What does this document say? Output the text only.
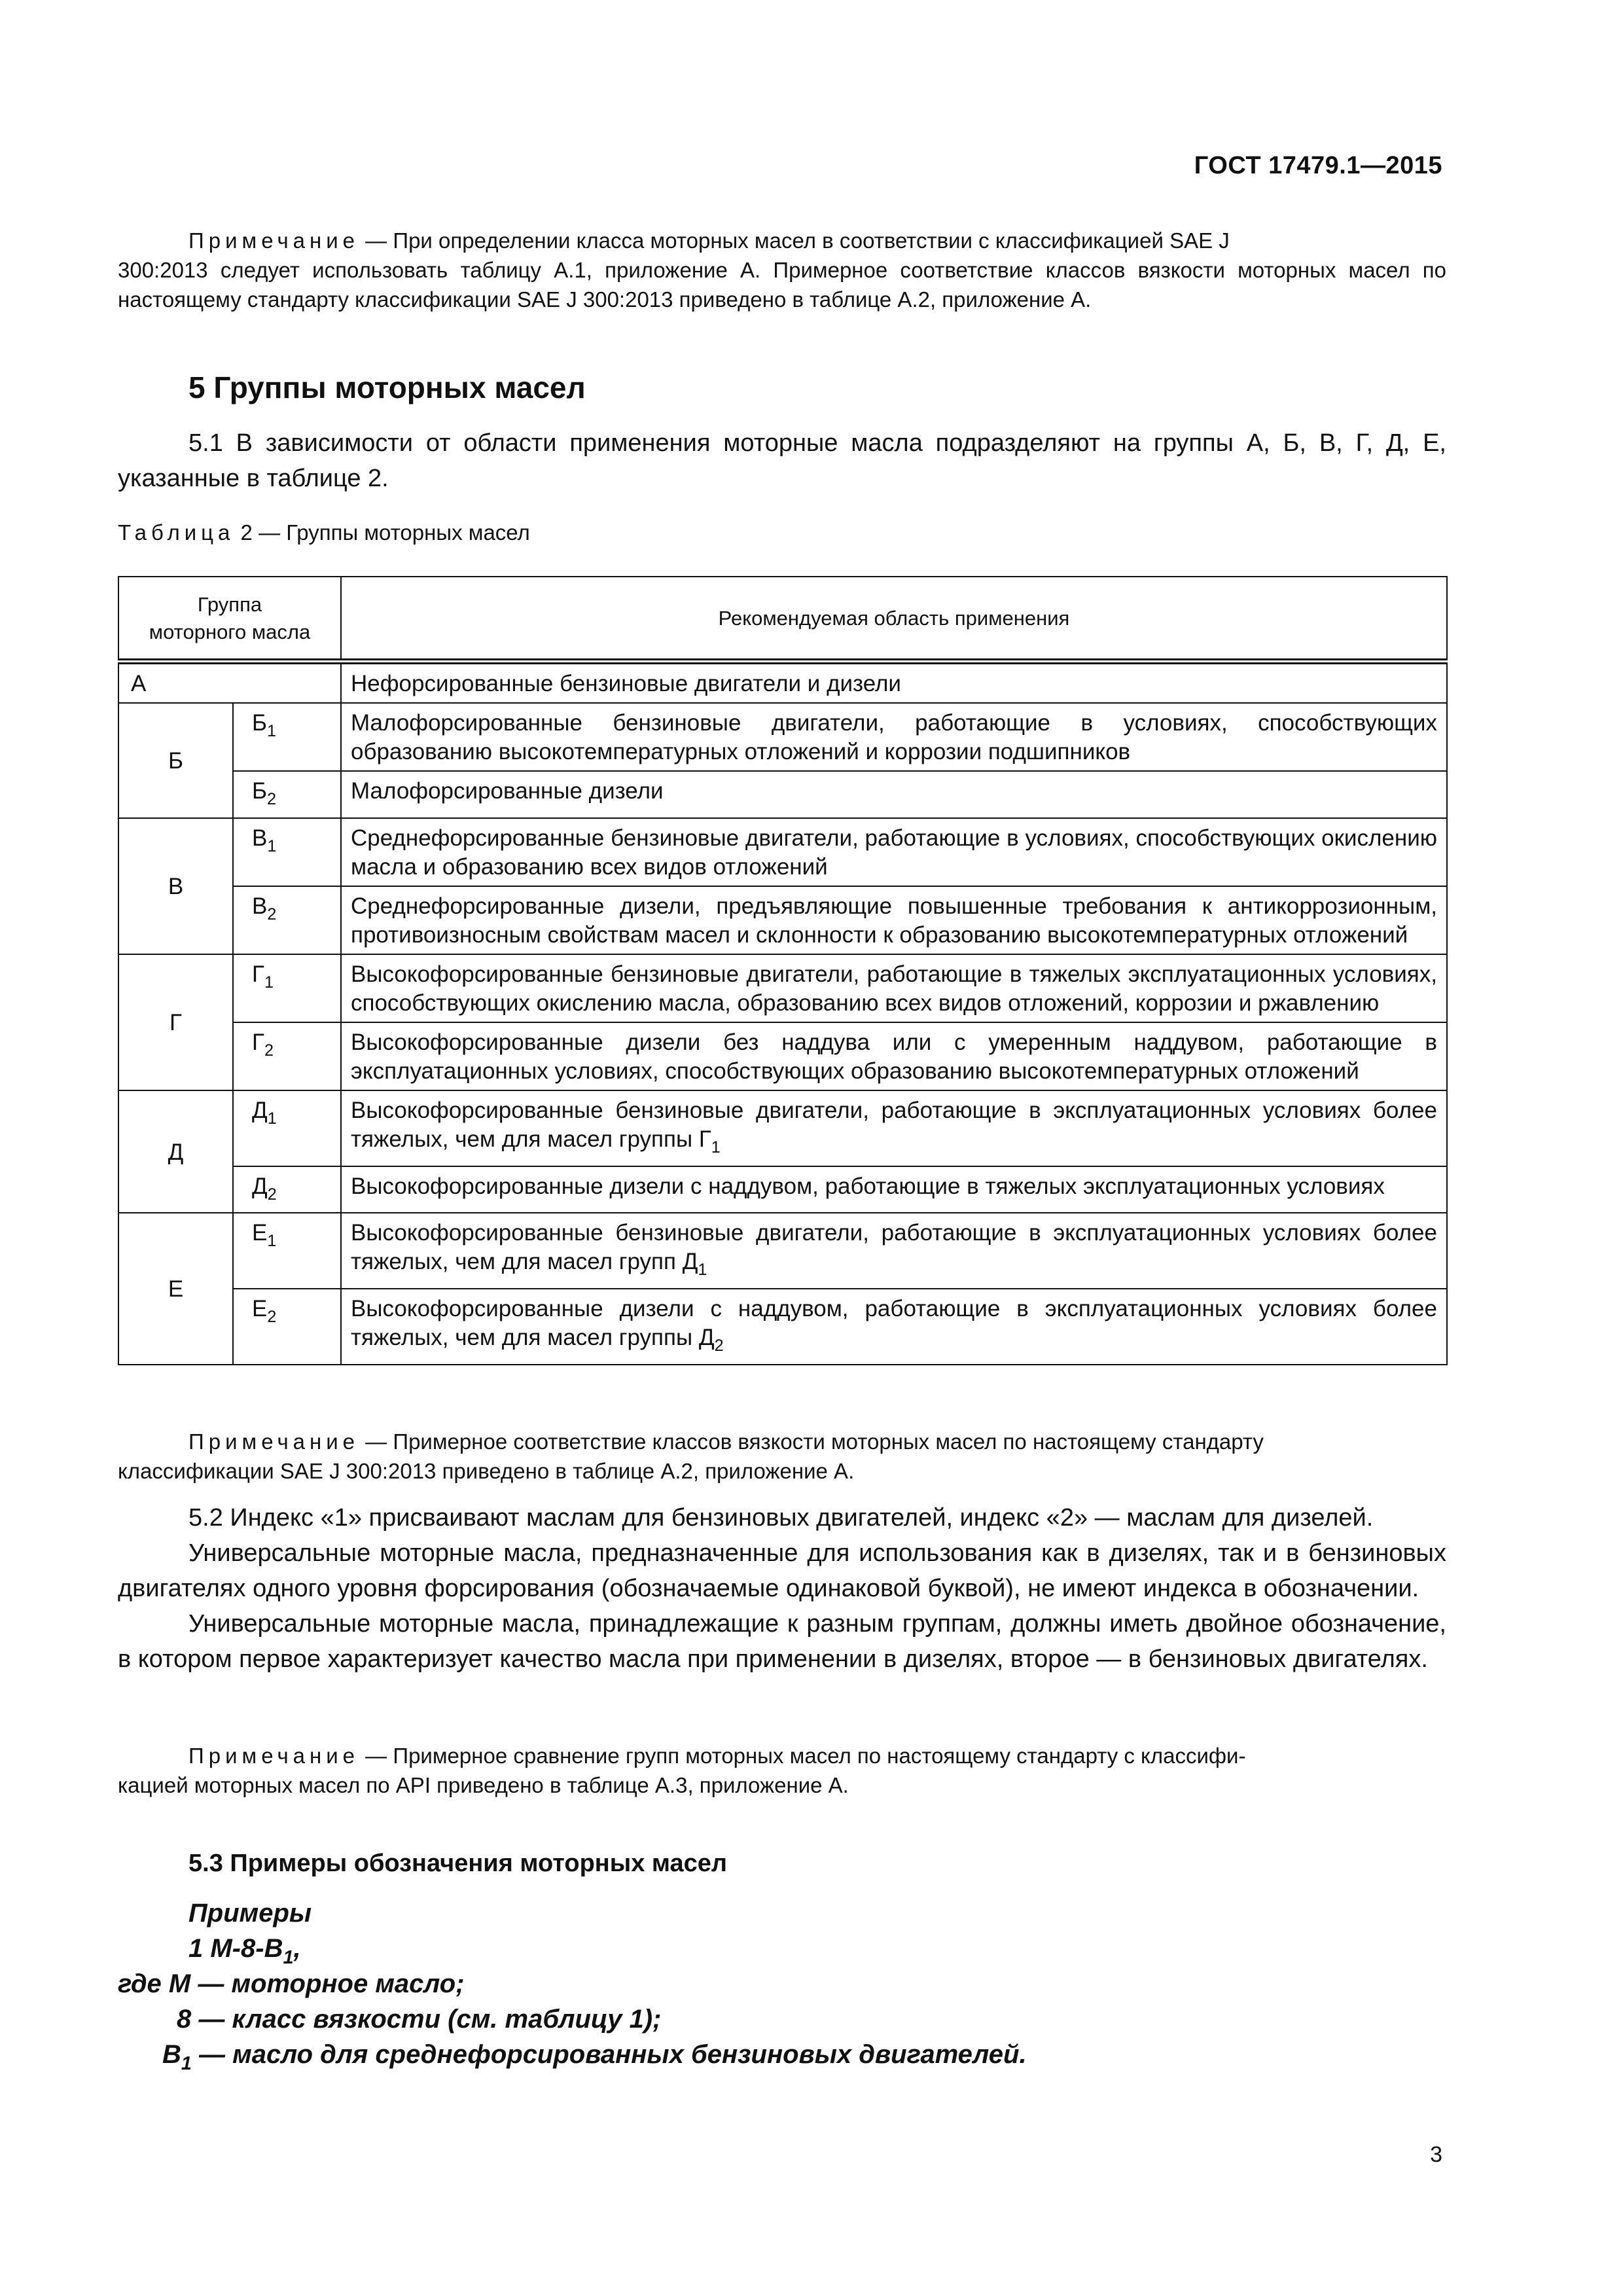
ГОСТ 17479.1—2015

Примечание — При определении класса моторных масел в соответствии с классификацией SAE J

300:2013 следует использовать таблицу А.1, приложение А. Примерное соответствие классов вязкости моторных масел по настоящему стандарту классификации SAE J 300:2013 приведено в таблице А.2, приложение А.

5 Группы моторных масел

5.1 В зависимости от области применения моторные масла подразделяют на группы А, Б, В, Г, Д, Е, указанные в таблице 2.

Таблица 2 — Группы моторных масел
Группа
моторного масла		Рекомендуемая область применения
А		Нефорсированные бензиновые двигатели и дизели
Б	$Б_1$	Малофорсированные бензиновые двигатели, работающие в условиях, способствующих образованию высокотемпературных отложений и коррозии подшипников
	$Б_2$	Малофорсированные дизели
В	$В_1$	Среднефорсированные бензиновые двигатели, работающие в условиях, способствующих окислению масла и образованию всех видов отложений
	$В_2$	Среднефорсированные дизели, предъявляющие повышенные требования к антикоррозионным, противоизносным свойствам масел и склонности к образованию высокотемпературных отложений
Г	$Г_1$	Высокофорсированные бензиновые двигатели, работающие в тяжелых эксплуатационных условиях, способствующих окислению масла, образованию всех видов отложений, коррозии и ржавлению
	$Г_2$	Высокофорсированные дизели без наддува или с умеренным наддувом, работающие в эксплуатационных условиях, способствующих образованию высокотемпературных отложений
Д	$Д_1$	Высокофорсированные бензиновые двигатели, работающие в эксплуатационных условиях более тяжелых, чем для масел группы $Г_1$
	$Д_2$	Высокофорсированные дизели с наддувом, работающие в тяжелых эксплуатационных условиях
Е	$Е_1$	Высокофорсированные бензиновые двигатели, работающие в эксплуатационных условиях более тяжелых, чем для масел групп $Д_1$
	$Е_2$	Высокофорсированные дизели с наддувом, работающие в эксплуатационных условиях более тяжелых, чем для масел группы $Д_2$

Примечание — Примерное соответствие классов вязкости моторных масел по настоящему стандарту

классификации SAE J 300:2013 приведено в таблице А.2, приложение А.

5.2 Индекс «1» присваивают маслам для бензиновых двигателей, индекс «2» — маслам для дизелей.

Универсальные моторные масла, предназначенные для использования как в дизелях, так и в бензиновых двигателях одного уровня форсирования (обозначаемые одинаковой буквой), не имеют индекса в обозначении.

Универсальные моторные масла, принадлежащие к разным группам, должны иметь двойное обозначение, в котором первое характеризует качество масла при применении в дизелях, второе — в бензиновых двигателях.

Примечание — Примерное сравнение групп моторных масел по настоящему стандарту с классифи-

кацией моторных масел по API приведено в таблице А.3, приложение А.

5.3 Примеры обозначения моторных масел
Примеры
1 $М-8-В_1$,
где М — моторное масло;
8 — класс вязкости (см. таблицу 1);
$В_1$ — масло для среднефорсированных бензиновых двигателей.
3
